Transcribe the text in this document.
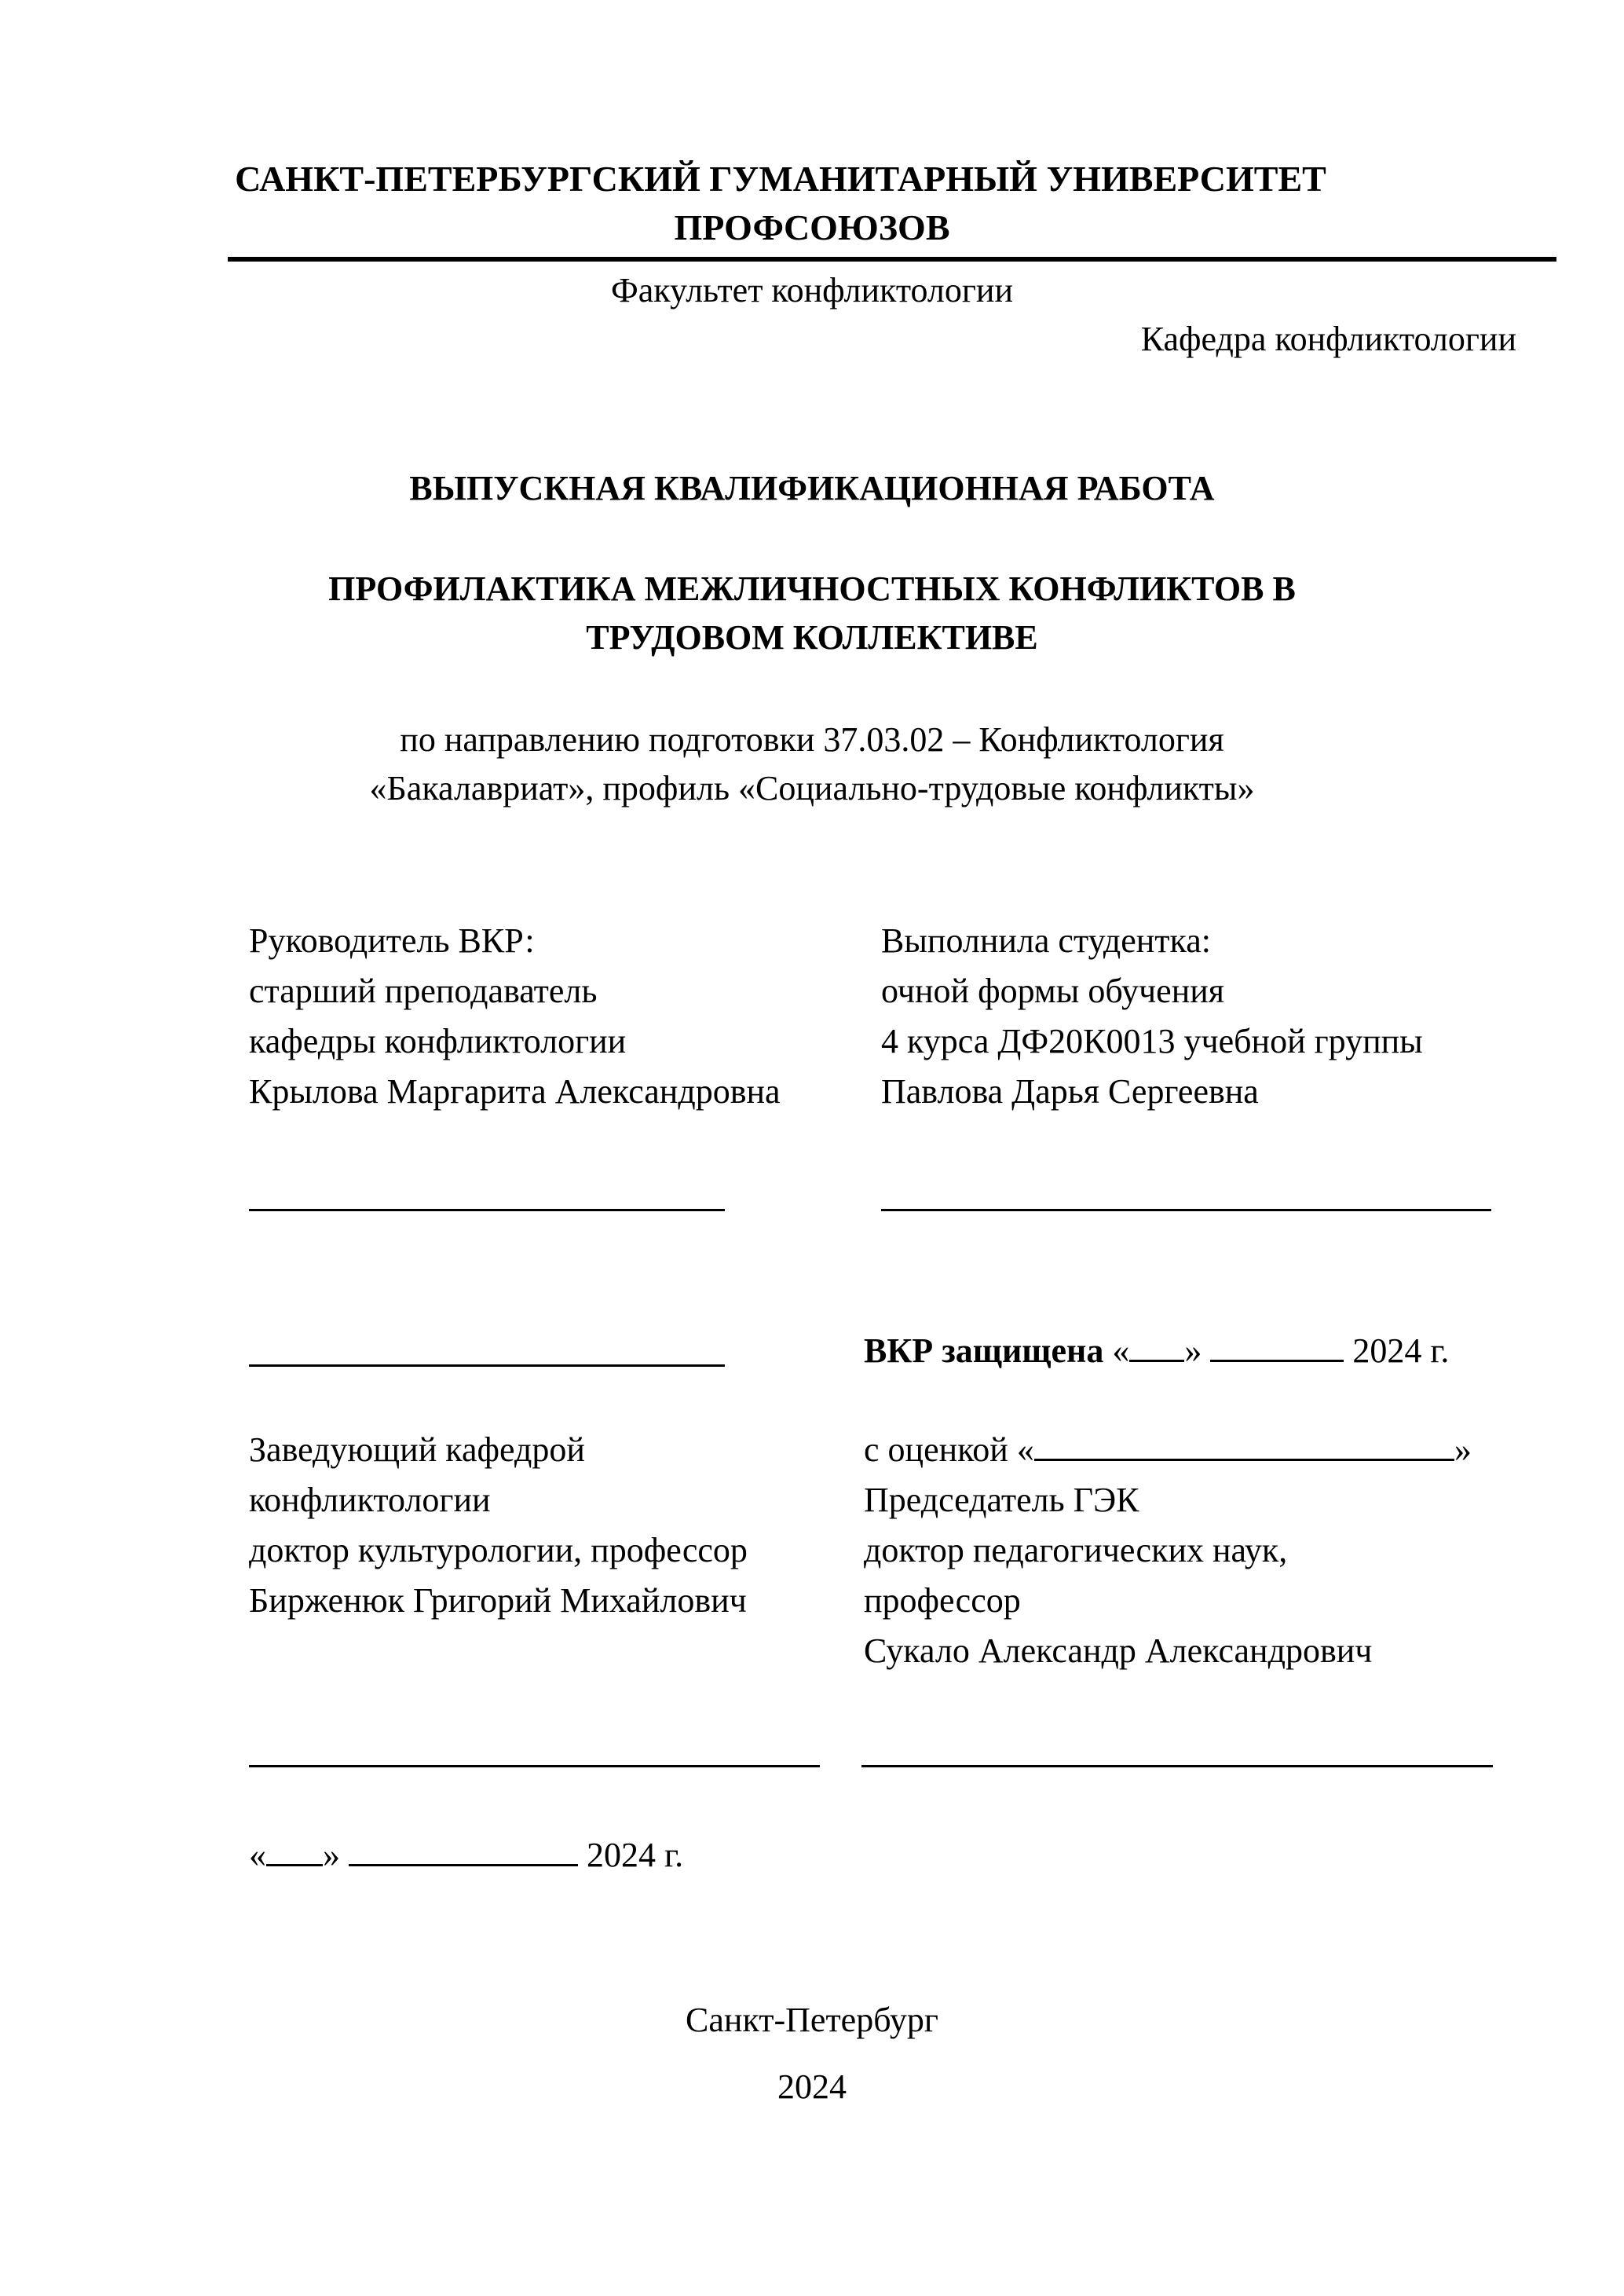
САНКТ-ПЕТЕРБУРГСКИЙ ГУМАНИТАРНЫЙ УНИВЕРСИТЕТ
ПРОФСОЮЗОВ
Факультет конфликтологии
Кафедра конфликтологии
ВЫПУСКНАЯ КВАЛИФИКАЦИОННАЯ РАБОТА
ПРОФИЛАКТИКА МЕЖЛИЧНОСТНЫХ КОНФЛИКТОВ В
ТРУДОВОМ КОЛЛЕКТИВЕ
по направлению подготовки 37.03.02 – Конфликтология
«Бакалавриат», профиль «Социально-трудовые конфликты»
Руководитель ВКР:
старший преподаватель
кафедры конфликтологии
Крылова Маргарита Александровна
Выполнила студентка:
очной формы обучения
4 курса ДФ20К0013 учебной группы
Павлова Дарья Сергеевна
ВКР защищена « »	2024 г.
Заведующий кафедрой
конфликтологии
доктор культурологии, профессор
Бирженюк Григорий Михайлович
с оценкой «	»
Председатель ГЭК
доктор педагогических наук,
профессор
Сукало Александр Александрович
« »	2024 г.
Санкт-Петербург
2024
